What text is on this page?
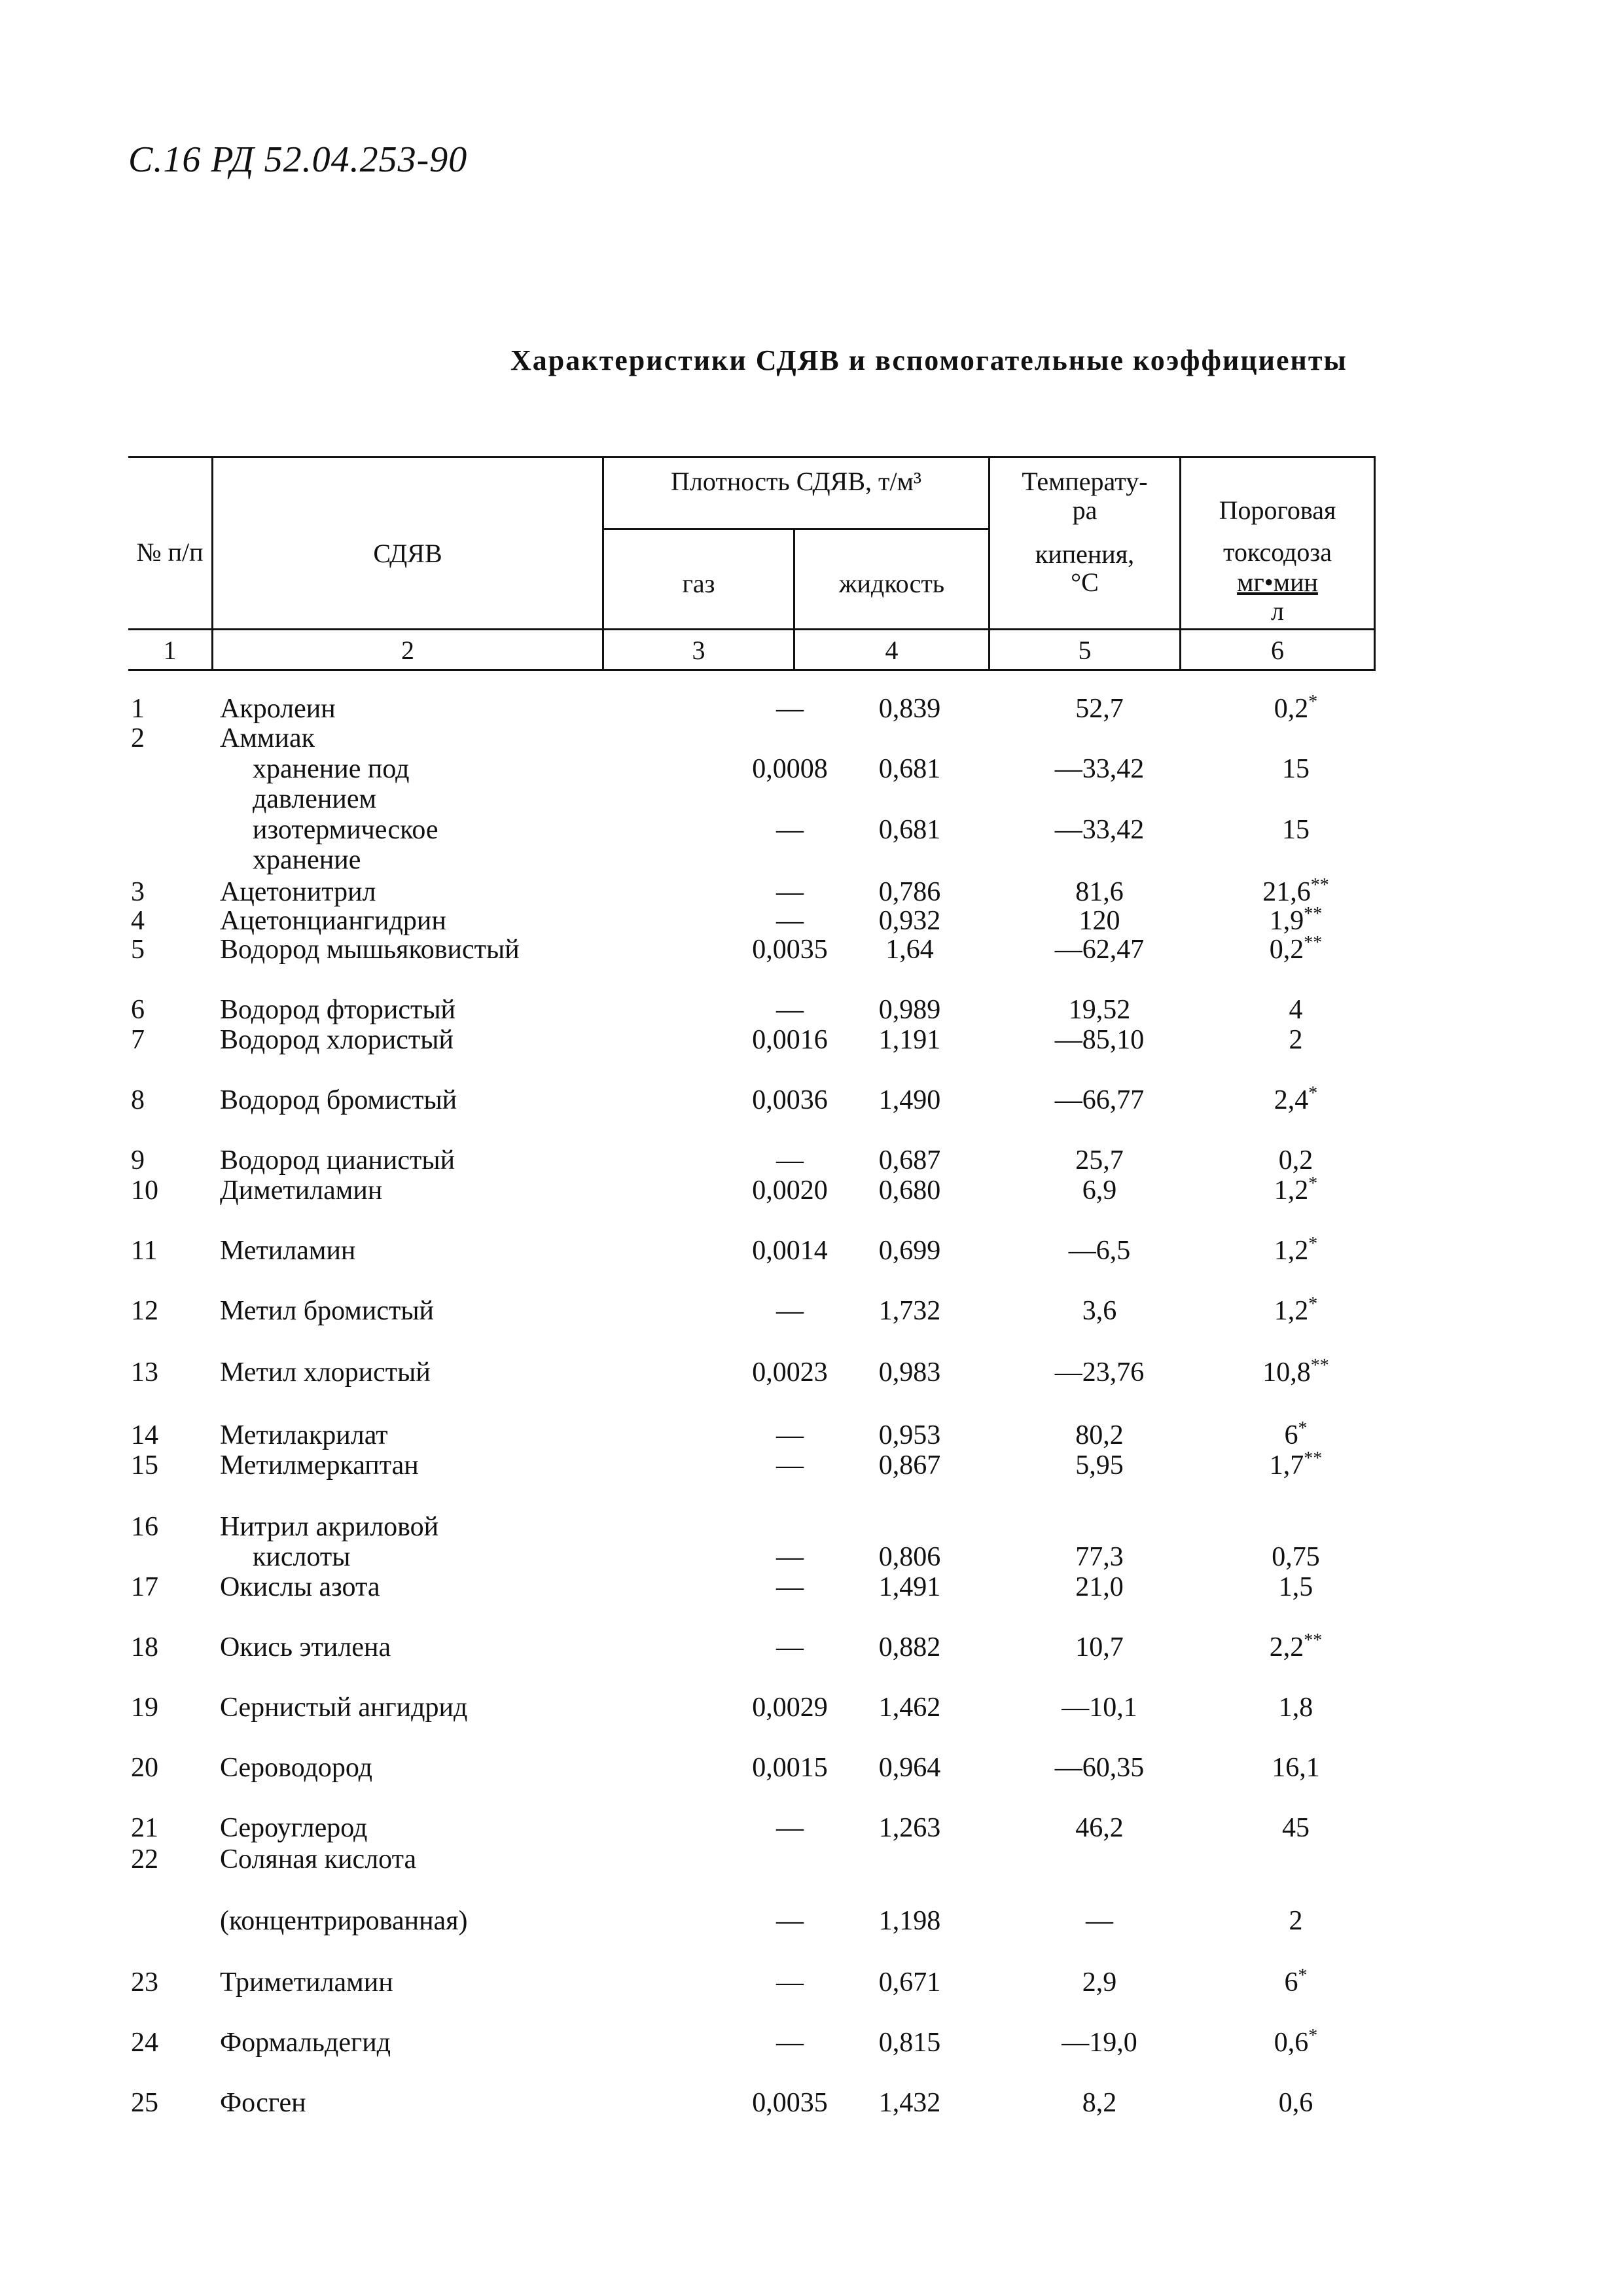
С.16 РД 52.04.253-90
Характеристики СДЯВ и вспомогательные коэффициенты
№ п/п	СДЯВ
Плотность СДЯВ, т/м³
газ	жидкость
Температу-
ра
кипения,
°С
Пороговая
токсодоза
мг•мин
л
1	2	3	4	5	6
1	Акролеин	—	0,839	52,7	0,2*
2	Аммиак
хранение под	0,0008	0,681	—33,42	15
давлением
изотермическое	—	0,681	—33,42	15
хранение
3	Ацетонитрил	—	0,786	81,6	21,6**
4	Ацетонциангидрин	—	0,932	120	1,9**
5	Водород мышьяковистый	0,0035	1,64	—62,47	0,2**
6	Водород фтористый	—	0,989	19,52	4
7	Водород хлористый	0,0016	1,191	—85,10	2
8	Водород бромистый	0,0036	1,490	—66,77	2,4*
9	Водород цианистый	—	0,687	25,7	0,2
10 Диметиламин	0,0020	0,680	6,9	1,2*
11 Метиламин	0,0014	0,699	—6,5	1,2*
12 Метил бромистый	—	1,732	3,6	1,2*
13 Метил хлористый	0,0023	0,983	—23,76	10,8**
14 Метилакрилат	—	0,953	80,2	6*
15 Метилмеркаптан	—	0,867	5,95	1,7**
16 Нитрил акриловой
кислоты	—	0,806	77,3	0,75
17 Окислы азота	—	1,491	21,0	1,5
18 Окись этилена	—	0,882	10,7	2,2**
19 Сернистый ангидрид	0,0029	1,462	—10,1	1,8
20 Сероводород	0,0015	0,964	—60,35	16,1
21 Сероуглерод	—	1,263	46,2	45
22 Соляная кислота
(концентрированная)	—	1,198	—	2
23 Триметиламин	—	0,671	2,9	6*
24 Формальдегид	—	0,815	—19,0	0,6*
25 Фосген	0,0035	1,432	8,2	0,6
